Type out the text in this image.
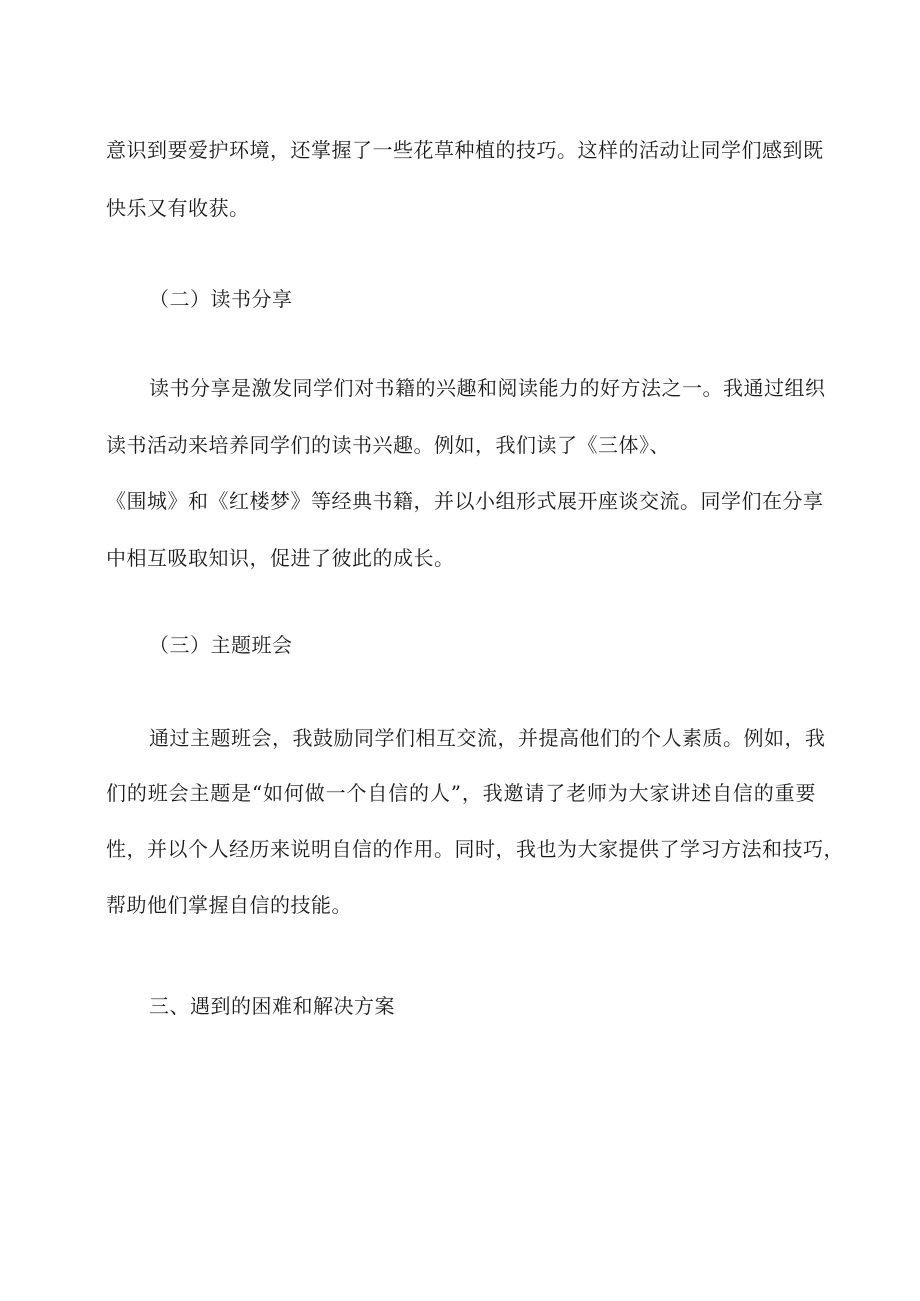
意识到要爱护环境，还掌握了一些花草种植的技巧。这样的活动让同学们感到既
快乐又有收获。
（二）读书分享
读书分享是激发同学们对书籍的兴趣和阅读能力的好方法之一。我通过组织
读书活动来培养同学们的读书兴趣。例如，我们读了《三体》、
《围城》和《红楼梦》等经典书籍，并以小组形式展开座谈交流。同学们在分享
中相互吸取知识，促进了彼此的成长。
（三）主题班会
通过主题班会，我鼓励同学们相互交流，并提高他们的个人素质。例如，我
们的班会主题是“如何做一个自信的人”，我邀请了老师为大家讲述自信的重要
性，并以个人经历来说明自信的作用。同时，我也为大家提供了学习方法和技巧，
帮助他们掌握自信的技能。
三、遇到的困难和解决方案
